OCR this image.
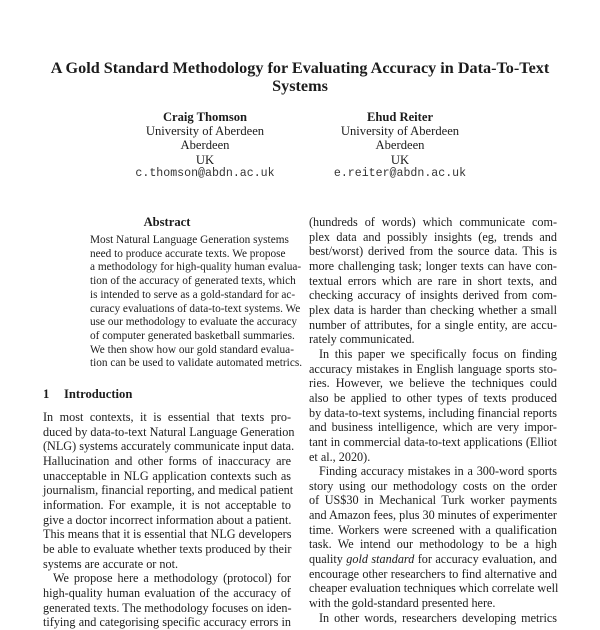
A Gold Standard Methodology for Evaluating Accuracy in Data-To-Text
Systems
Craig Thomson
University of Aberdeen
Aberdeen
UK
c.thomson@abdn.ac.uk
Ehud Reiter
University of Aberdeen
Aberdeen
UK
e.reiter@abdn.ac.uk
Abstract
Most Natural Language Generation systems
need to produce accurate texts. We propose
a methodology for high-quality human evalua-
tion of the accuracy of generated texts, which
is intended to serve as a gold-standard for ac-
curacy evaluations of data-to-text systems. We
use our methodology to evaluate the accuracy
of computer generated basketball summaries.
We then show how our gold standard evalua-
tion can be used to validate automated metrics.
1 Introduction
In most contexts, it is essential that texts pro-
duced by data-to-text Natural Language Generation
(NLG) systems accurately communicate input data.
Hallucination and other forms of inaccuracy are
unacceptable in NLG application contexts such as
journalism, financial reporting, and medical patient
information. For example, it is not acceptable to
give a doctor incorrect information about a patient.
This means that it is essential that NLG developers
be able to evaluate whether texts produced by their
systems are accurate or not.
We propose here a methodology (protocol) for
high-quality human evaluation of the accuracy of
generated texts. The methodology focuses on iden-
tifying and categorising specific accuracy errors in
(hundreds of words) which communicate com-
plex data and possibly insights (eg, trends and
best/worst) derived from the source data. This is
more challenging task; longer texts can have con-
textual errors which are rare in short texts, and
checking accuracy of insights derived from com-
plex data is harder than checking whether a small
number of attributes, for a single entity, are accu-
rately communicated.
In this paper we specifically focus on finding
accuracy mistakes in English language sports sto-
ries. However, we believe the techniques could
also be applied to other types of texts produced
by data-to-text systems, including financial reports
and business intelligence, which are very impor-
tant in commercial data-to-text applications (Elliot
et al., 2020).
Finding accuracy mistakes in a 300-word sports
story using our methodology costs on the order
of US$30 in Mechanical Turk worker payments
and Amazon fees, plus 30 minutes of experimenter
time. Workers were screened with a qualification
task. We intend our methodology to be a high
quality gold standard for accuracy evaluation, and
encourage other researchers to find alternative and
cheaper evaluation techniques which correlate well
with the gold-standard presented here.
In other words, researchers developing metrics
